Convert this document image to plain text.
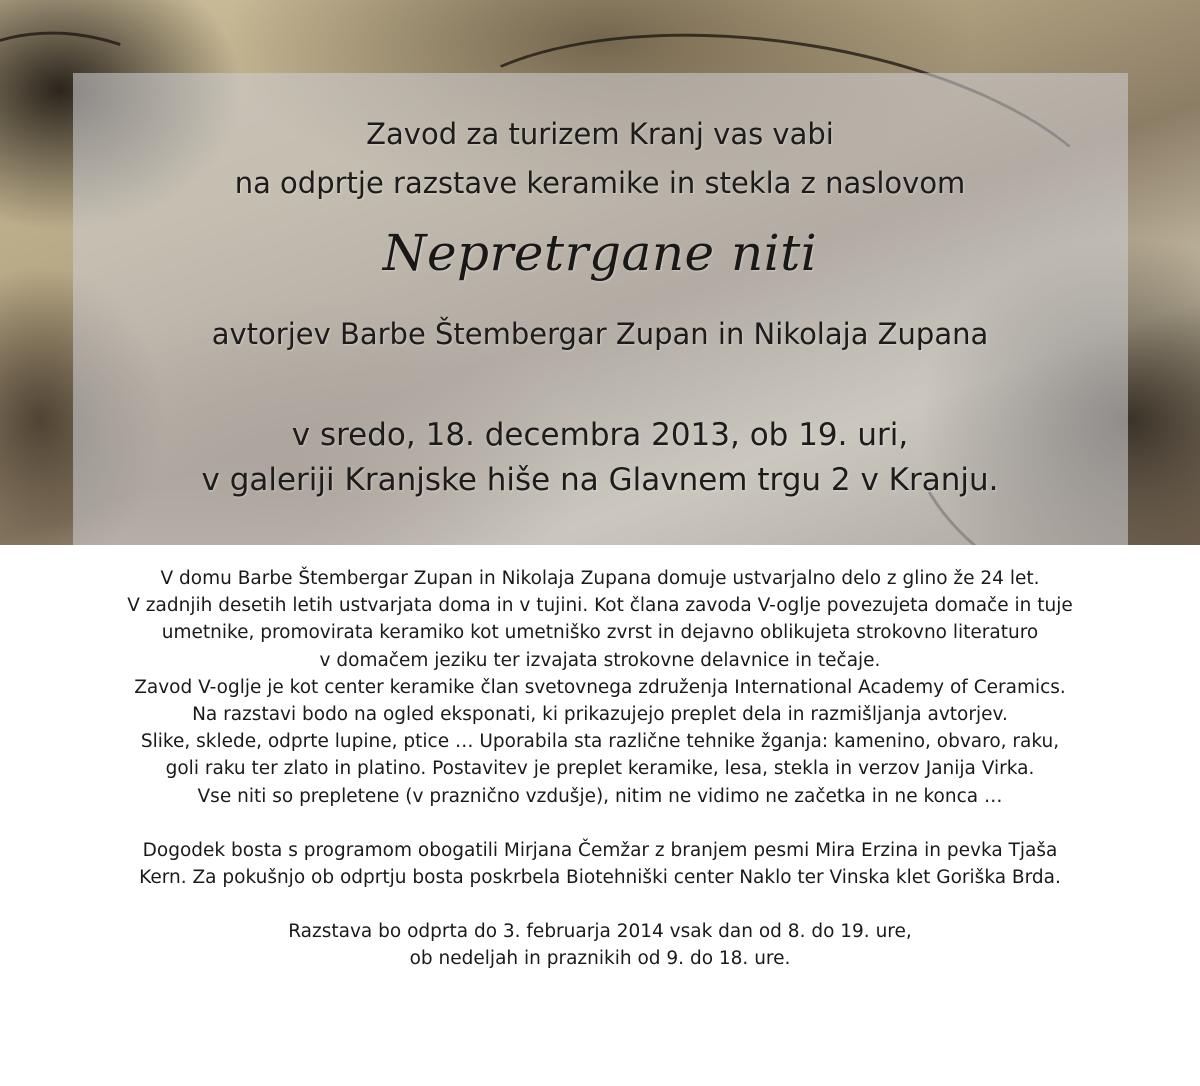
Zavod za turizem Kranj vas vabi
na odprtje razstave keramike in stekla z naslovom
Nepretrgane niti
avtorjev Barbe Štembergar Zupan in Nikolaja Zupana
v sredo, 18. decembra 2013, ob 19. uri,
v galeriji Kranjske hiše na Glavnem trgu 2 v Kranju.

V domu Barbe Štembergar Zupan in Nikolaja Zupana domuje ustvarjalno delo z glino že 24 let.

V zadnjih desetih letih ustvarjata doma in v tujini. Kot člana zavoda V-oglje povezujeta domače in tuje

umetnike, promovirata keramiko kot umetniško zvrst in dejavno oblikujeta strokovno literaturo

v domačem jeziku ter izvajata strokovne delavnice in tečaje.

Zavod V-oglje je kot center keramike član svetovnega združenja International Academy of Ceramics.

Na razstavi bodo na ogled eksponati, ki prikazujejo preplet dela in razmišljanja avtorjev.

Slike, sklede, odprte lupine, ptice … Uporabila sta različne tehnike žganja: kamenino, obvaro, raku,

goli raku ter zlato in platino. Postavitev je preplet keramike, lesa, stekla in verzov Janija Virka.

Vse niti so prepletene (v praznično vzdušje), nitim ne vidimo ne začetka in ne konca …

Dogodek bosta s programom obogatili Mirjana Čemžar z branjem pesmi Mira Erzina in pevka Tjaša

Kern. Za pokušnjo ob odprtju bosta poskrbela Biotehniški center Naklo ter Vinska klet Goriška Brda.

Razstava bo odprta do 3. februarja 2014 vsak dan od 8. do 19. ure,

ob nedeljah in praznikih od 9. do 18. ure.
